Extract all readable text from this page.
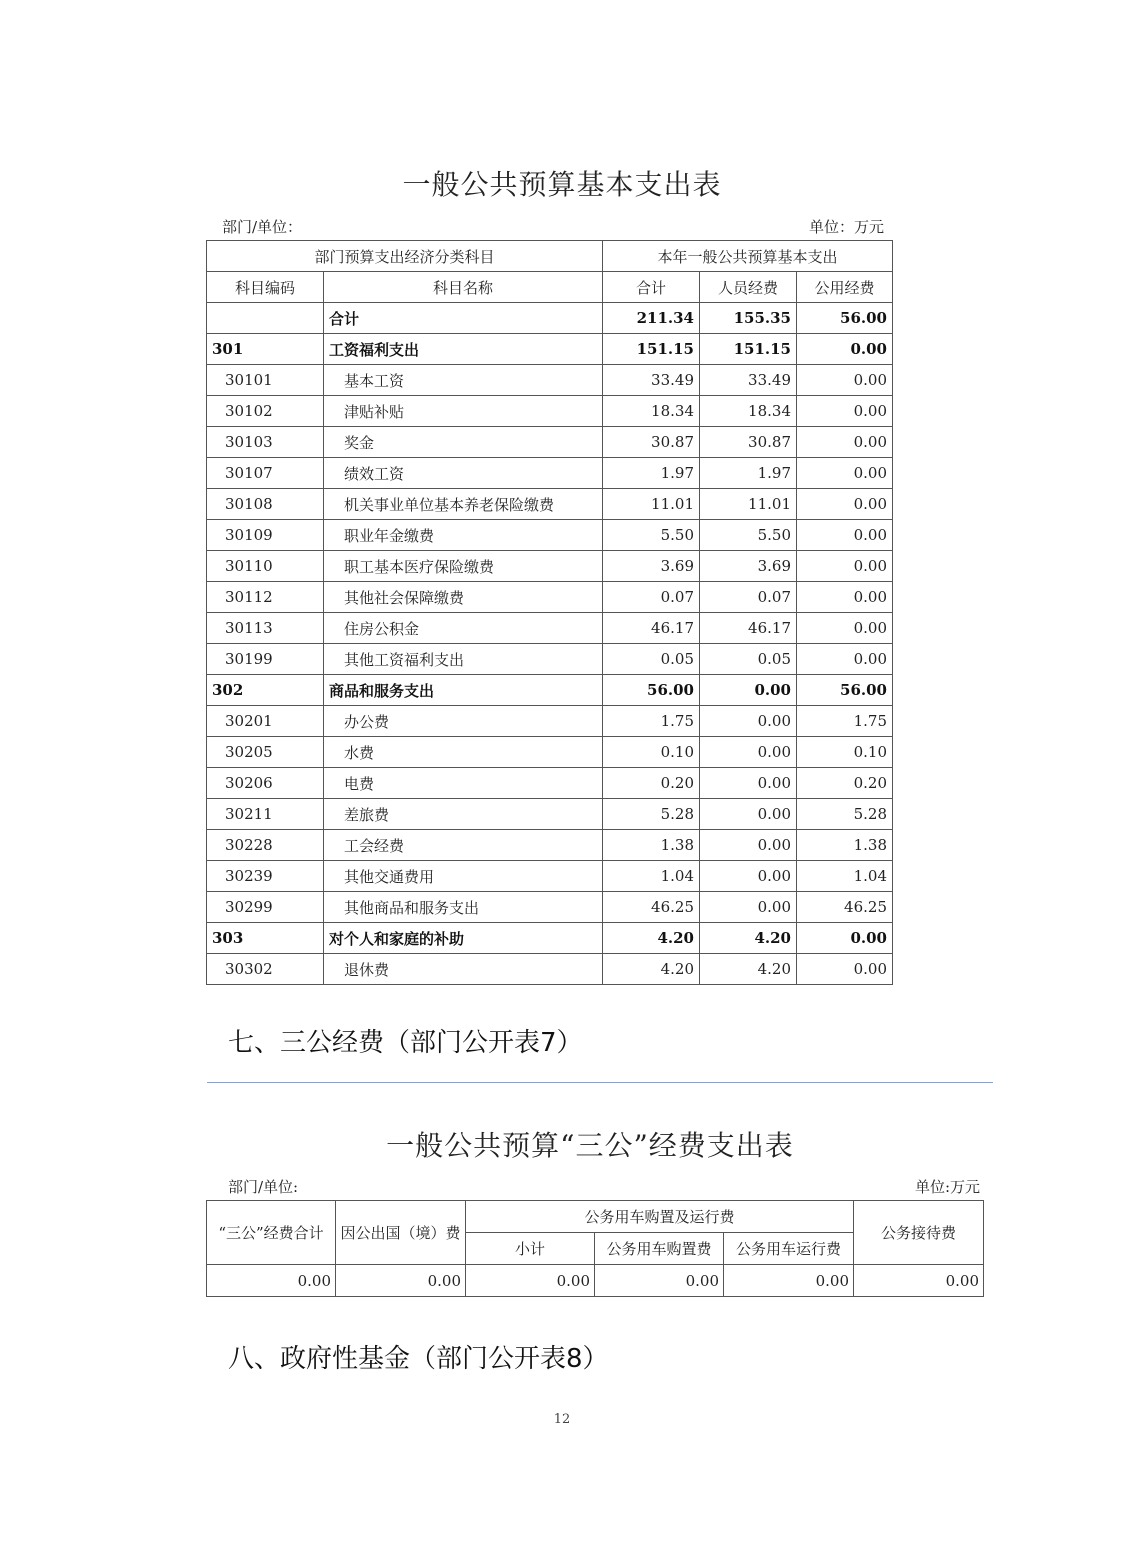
一般公共预算基本支出表
部门/单位：	单位：万元
部门预算支出经济分类科目		本年一般公共预算基本支出		
科目编码	科目名称	合计	人员经费	公用经费
	合计	211.34	155.35	56.00
301	工资福利支出	151.15	151.15	0.00
30101	基本工资	33.49	33.49	0.00
30102	津贴补贴	18.34	18.34	0.00
30103	奖金	30.87	30.87	0.00
30107	绩效工资	1.97	1.97	0.00
30108	机关事业单位基本养老保险缴费	11.01	11.01	0.00
30109	职业年金缴费	5.50	5.50	0.00
30110	职工基本医疗保险缴费	3.69	3.69	0.00
30112	其他社会保障缴费	0.07	0.07	0.00
30113	住房公积金	46.17	46.17	0.00
30199	其他工资福利支出	0.05	0.05	0.00
302	商品和服务支出	56.00	0.00	56.00
30201	办公费	1.75	0.00	1.75
30205	水费	0.10	0.00	0.10
30206	电费	0.20	0.00	0.20
30211	差旅费	5.28	0.00	5.28
30228	工会经费	1.38	0.00	1.38
30239	其他交通费用	1.04	0.00	1.04
30299	其他商品和服务支出	46.25	0.00	46.25
303	对个人和家庭的补助	4.20	4.20	0.00
30302	退休费	4.20	4.20	0.00
七、三公经费（部门公开表7）
一般公共预算“三公”经费支出表
部门/单位:	单位:万元
“三公”经费合计	因公出国（境）费	公务用车购置及运行费			公务接待费
		小计	公务用车购置费	公务用车运行费	
0.00	0.00	0.00	0.00	0.00	0.00
八、政府性基金（部门公开表8）
12
